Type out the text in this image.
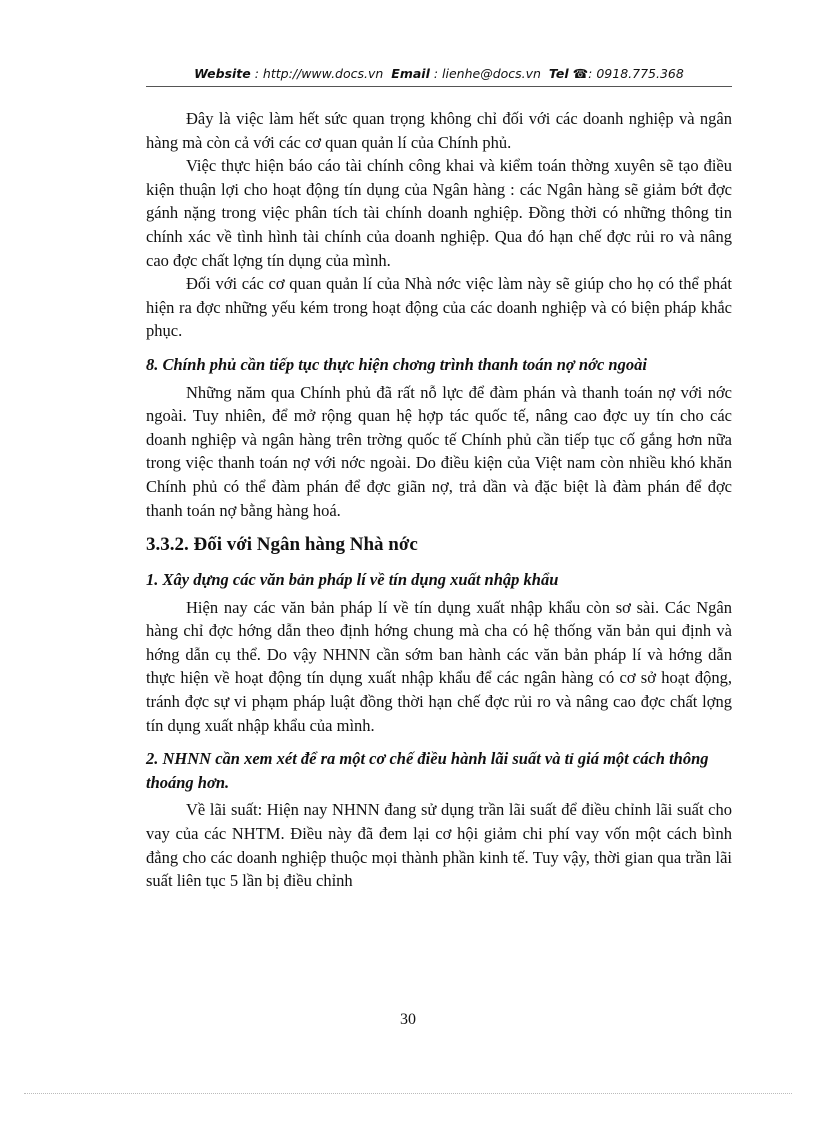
Website : http://www.docs.vn Email : lienhe@docs.vn Tel ☎: 0918.775.368

Đây là việc làm hết sức quan trọng không chỉ đối với các doanh nghiệp và ngân hàng mà còn cả với các cơ quan quản lí của Chính phủ.

Việc thực hiện báo cáo tài chính công khai và kiểm toán thờng xuyên sẽ tạo điều kiện thuận lợi cho hoạt động tín dụng của Ngân hàng : các Ngân hàng sẽ giảm bớt đợc gánh nặng trong việc phân tích tài chính doanh nghiệp. Đồng thời có những thông tin chính xác về tình hình tài chính của doanh nghiệp. Qua đó hạn chế đợc rủi ro và nâng cao đợc chất lợng tín dụng của mình.

Đối với các cơ quan quản lí của Nhà nớc việc làm này sẽ giúp cho họ có thể phát hiện ra đợc những yếu kém trong hoạt động của các doanh nghiệp và có biện pháp khắc phục.

8. Chính phủ cần tiếp tục thực hiện chơng trình thanh toán nợ nớc ngoài

Những năm qua Chính phủ đã rất nỗ lực để đàm phán và thanh toán nợ với nớc ngoài. Tuy nhiên, để mở rộng quan hệ hợp tác quốc tế, nâng cao đợc uy tín cho các doanh nghiệp và ngân hàng trên trờng quốc tế Chính phủ cần tiếp tục cố gắng hơn nữa trong việc thanh toán nợ với nớc ngoài. Do điều kiện của Việt nam còn nhiều khó khăn Chính phủ có thể đàm phán để đợc giãn nợ, trả dần và đặc biệt là đàm phán để đợc thanh toán nợ bằng hàng hoá.

3.3.2. Đối với Ngân hàng Nhà nớc
1. Xây dựng các văn bản pháp lí về tín dụng xuất nhập khẩu

Hiện nay các văn bản pháp lí về tín dụng xuất nhập khẩu còn sơ sài. Các Ngân hàng chỉ đợc hớng dẫn theo định hớng chung mà cha có hệ thống văn bản qui định và hớng dẫn cụ thể. Do vậy NHNN cần sớm ban hành các văn bản pháp lí và hớng dẫn thực hiện về hoạt động tín dụng xuất nhập khẩu để các ngân hàng có cơ sở hoạt động, tránh đợc sự vi phạm pháp luật đồng thời hạn chế đợc rủi ro và nâng cao đợc chất lợng tín dụng xuất nhập khẩu của mình.

2. NHNN cần xem xét để ra một cơ chế điều hành lãi suất và tỉ giá một cách thông thoáng hơn.

Về lãi suất: Hiện nay NHNN đang sử dụng trần lãi suất để điều chỉnh lãi suất cho vay của các NHTM. Điều này đã đem lại cơ hội giảm chi phí vay vốn một cách bình đẳng cho các doanh nghiệp thuộc mọi thành phần kinh tế. Tuy vậy, thời gian qua trần lãi suất liên tục 5 lần bị điều chỉnh

30
